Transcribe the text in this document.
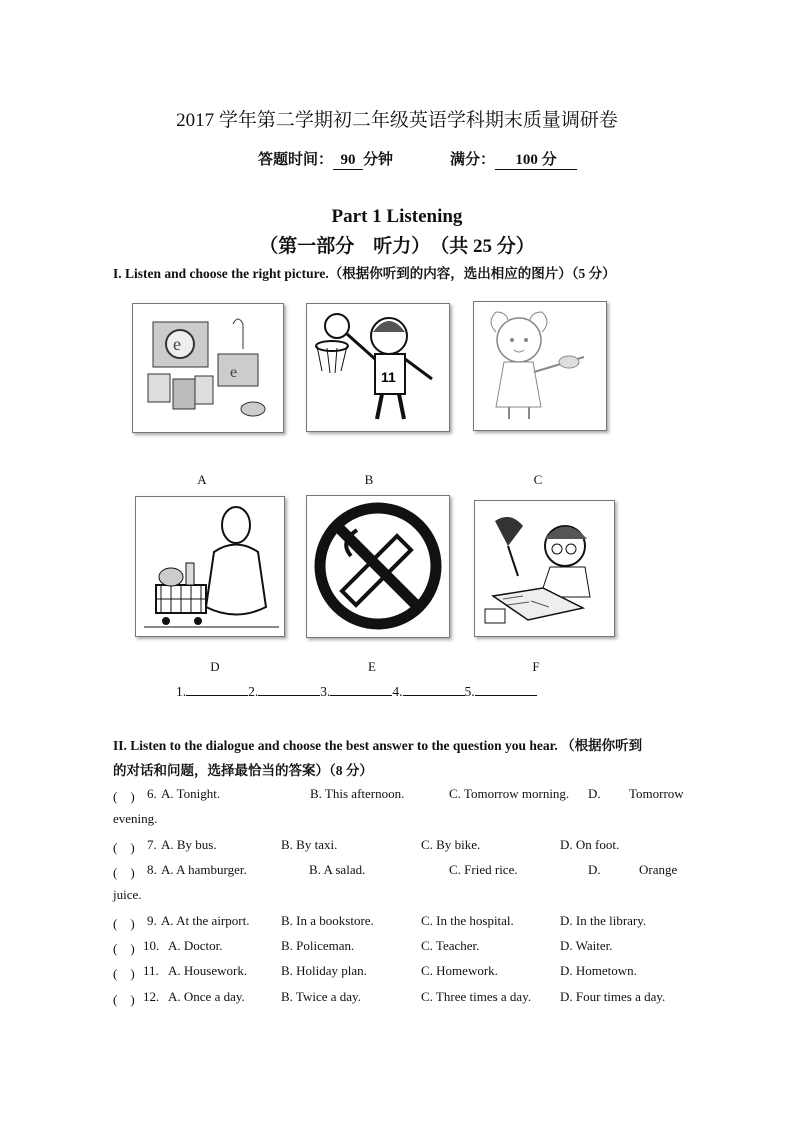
2017 学年第二学期初二年级英语学科期末质量调研卷
答题时间： 90 分钟	满分： 100 分
Part 1 Listening
（第一部分　听力）　（共 25 分）
I. Listen and choose the right picture.（根据你听到的内容，选出相应的图片）（5 分）
e
e	11
A	B	C
D	E	F
1.	2.	3.	4.	5.
II. Listen to the dialogue and choose the best answer to the question you hear. （根据你听到
的对话和问题，选择最恰当的答案）（8 分）
(　) 6. A. Tonight.	B. This afternoon.	C. Tomorrow morning. D. Tomorrow
evening.
(　) 7. A. By bus.	B. By taxi.	C. By bike.	D. On foot.
(　) 8. A. A hamburger.	B. A salad.	C. Fried rice.	D.	Orange
juice.
(　) 9. A. At the airport. B. In a bookstore.	C. In the hospital.	D. In the library.
(　) 10. A. Doctor.	B. Policeman.	C. Teacher.	D. Waiter.
(　) 11. A. Housework.	B. Holiday plan.	C. Homework.	D. Hometown.
(　) 12. A. Once a day.	B. Twice a day.	C. Three times a day. D. Four times a day.
